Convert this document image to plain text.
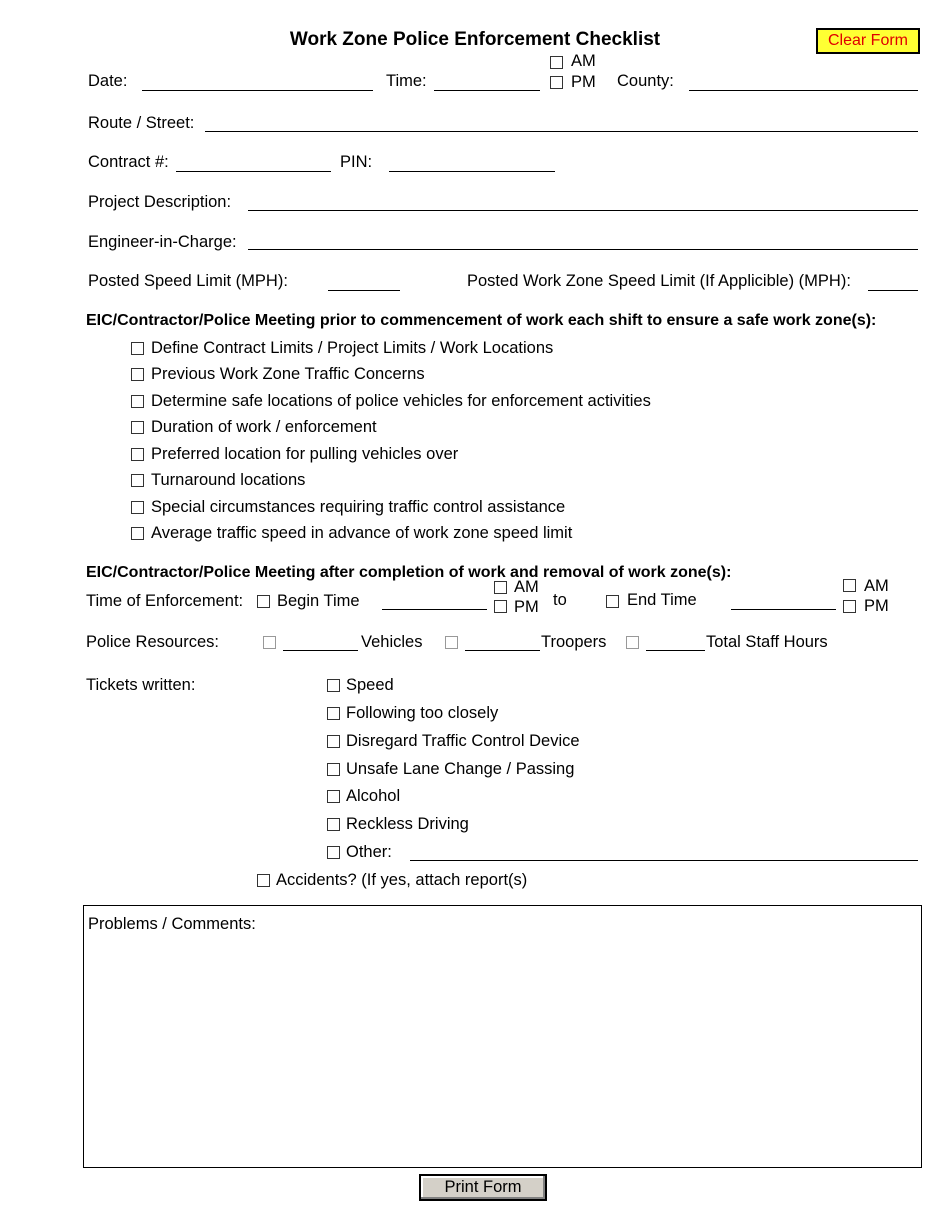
Work Zone Police Enforcement Checklist	Clear Form
Date:	Time:
AM
PM County:
Route / Street:
Contract #:	PIN:
Project Description:
Engineer-in-Charge:
Posted Speed Limit (MPH):	Posted Work Zone Speed Limit (If Applicible) (MPH):
EIC/Contractor/Police Meeting prior to commencement of work each shift to ensure a safe work zone(s):
Define Contract Limits / Project Limits / Work Locations
Previous Work Zone Traffic Concerns
Determine safe locations of police vehicles for enforcement activities
Duration of work / enforcement
Preferred location for pulling vehicles over
Turnaround locations
Special circumstances requiring traffic control assistance
Average traffic speed in advance of work zone speed limit
EIC/Contractor/Police Meeting after completion of work and removal of work zone(s):
Time of Enforcement: Begin Time
AM
PM to	End Time
AM
PM
Police Resources:	Vehicles	Troopers	Total Staff Hours
Tickets written:	Speed
Following too closely
Disregard Traffic Control Device
Unsafe Lane Change / Passing
Alcohol
Reckless Driving
Other:
Accidents? (If yes, attach report(s)
Problems / Comments:
Print Form
